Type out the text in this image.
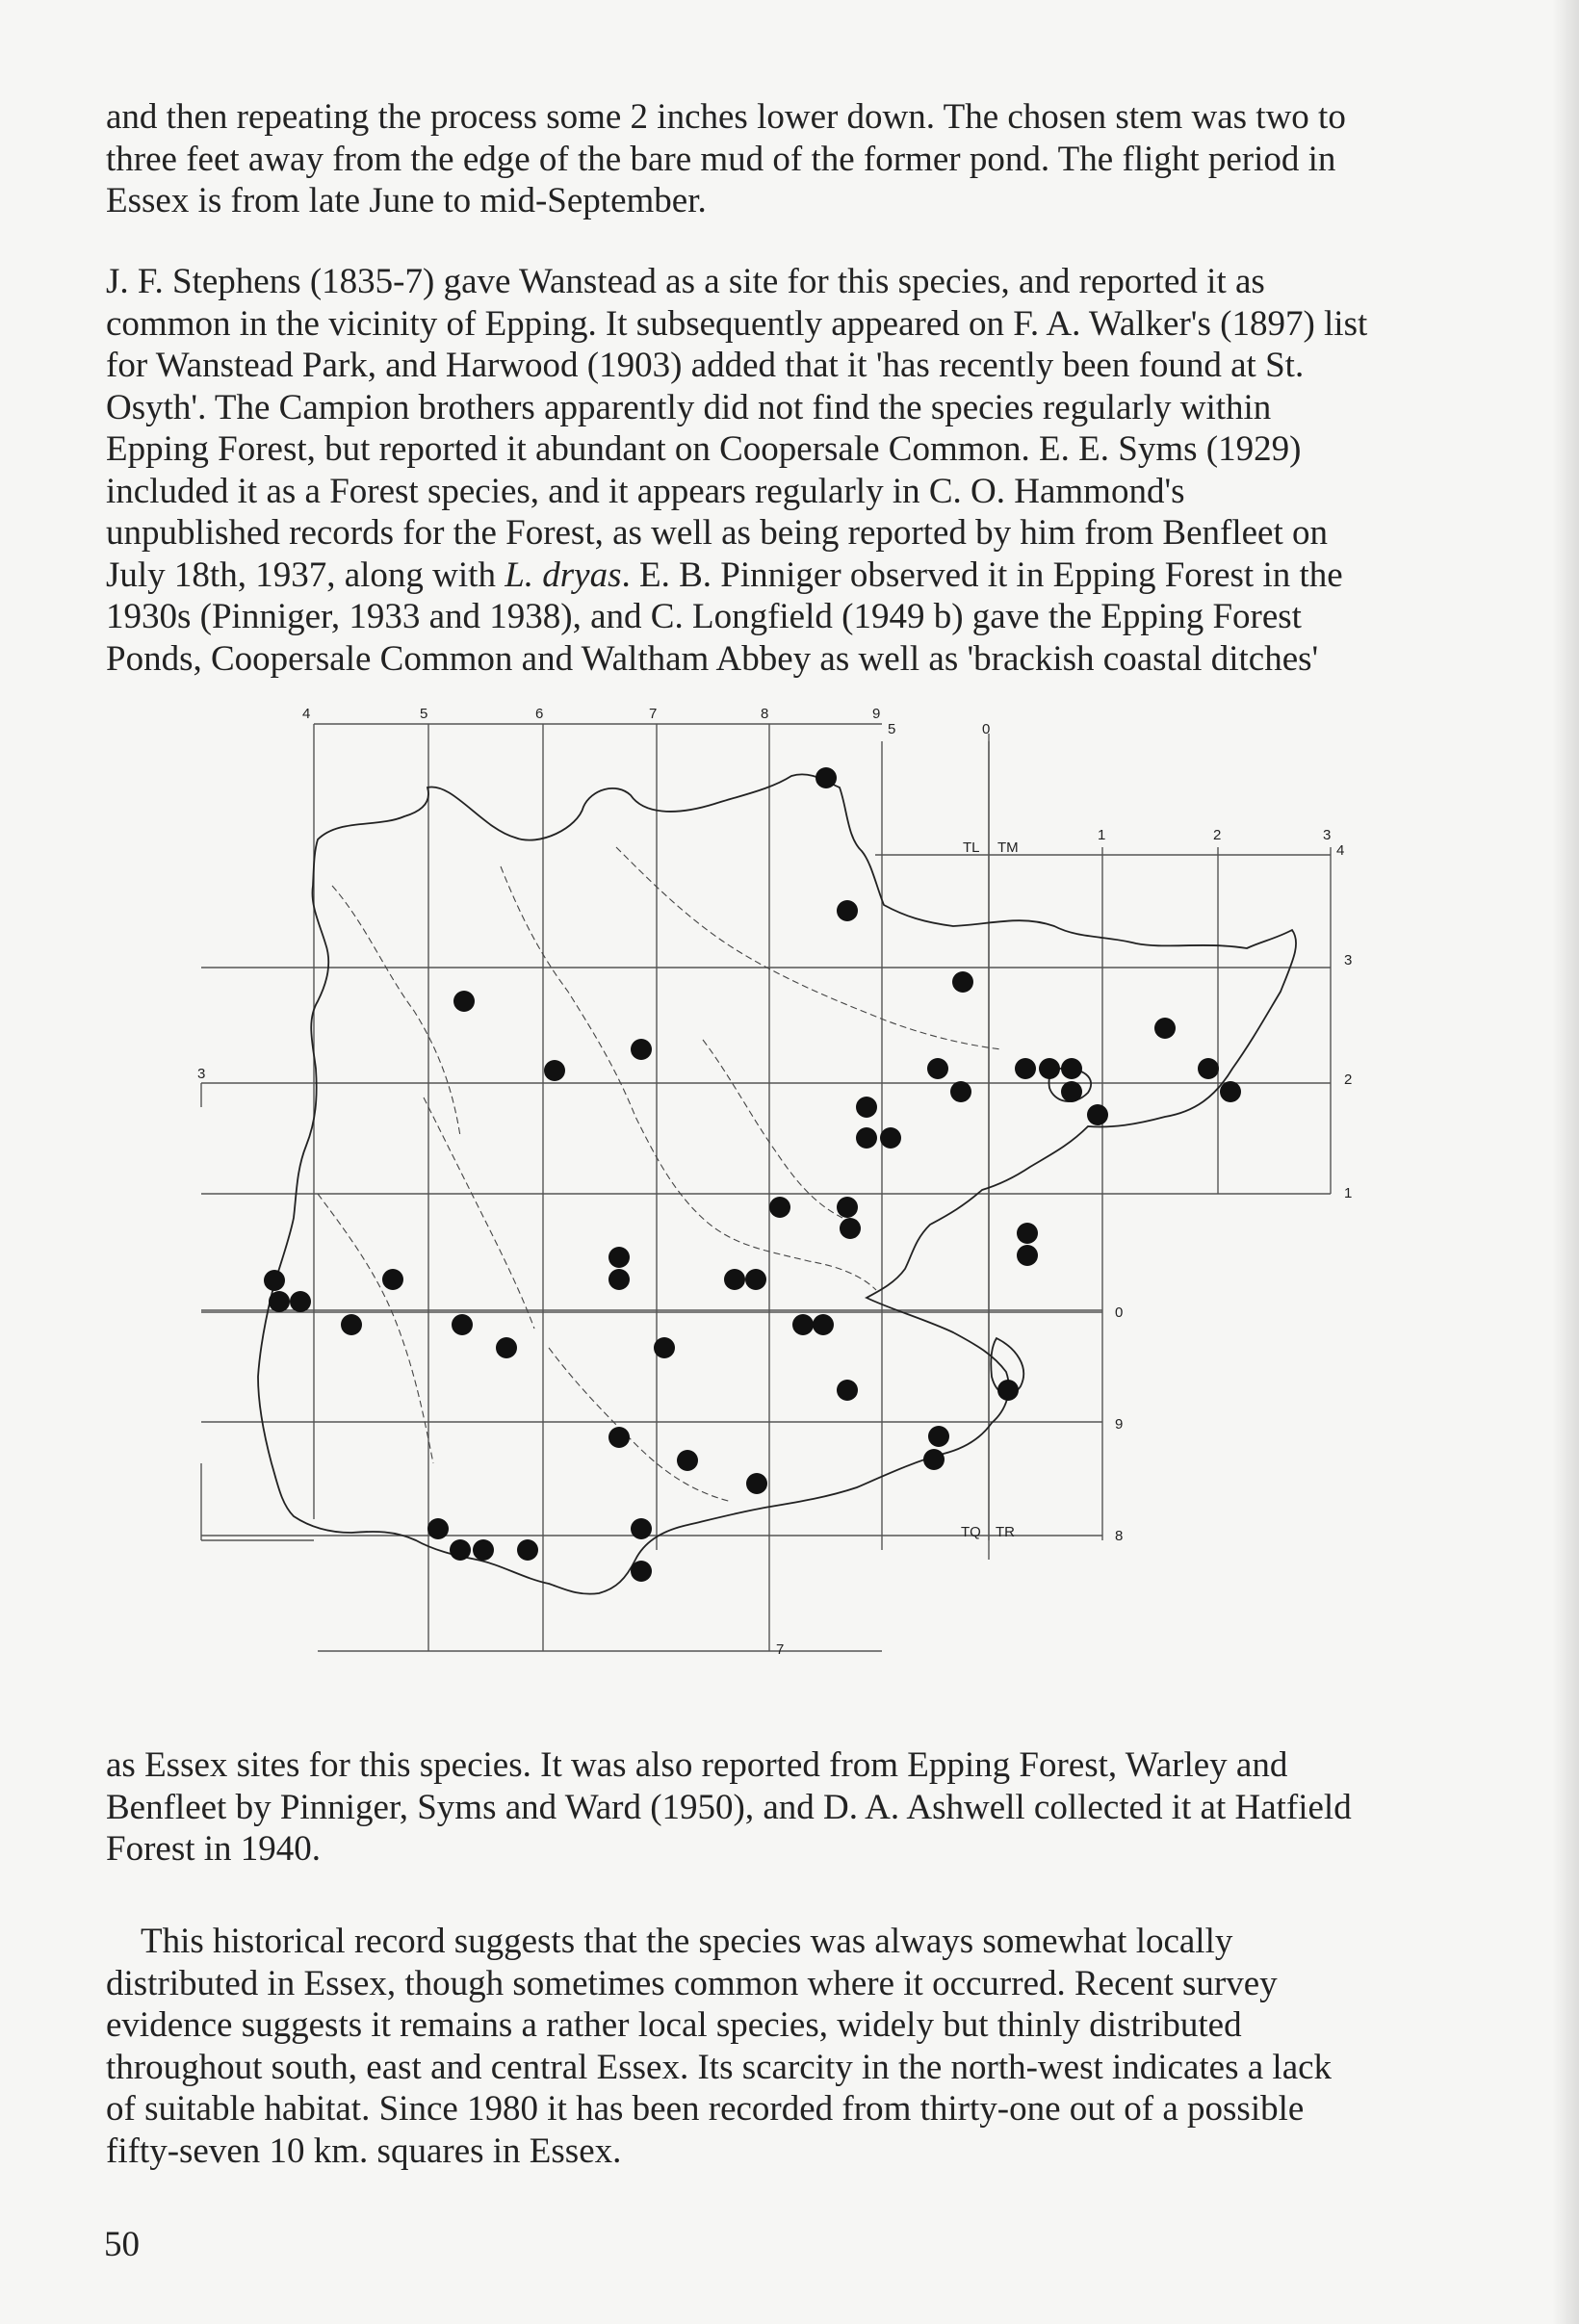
and then repeating the process some 2 inches lower down. The chosen stem was two to
three feet away from the edge of the bare mud of the former pond. The flight period in
Essex is from late June to mid-September.
J. F. Stephens (1835-7) gave Wanstead as a site for this species, and reported it as
common in the vicinity of Epping. It subsequently appeared on F. A. Walker's (1897) list
for Wanstead Park, and Harwood (1903) added that it 'has recently been found at St.
Osyth'. The Campion brothers apparently did not find the species regularly within
Epping Forest, but reported it abundant on Coopersale Common. E. E. Syms (1929)
included it as a Forest species, and it appears regularly in C. O. Hammond's
unpublished records for the Forest, as well as being reported by him from Benfleet on
July 18th, 1937, along with L. dryas. E. B. Pinniger observed it in Epping Forest in the
1930s (Pinniger, 1933 and 1938), and C. Longfield (1949 b) gave the Epping Forest
Ponds, Coopersale Common and Waltham Abbey as well as 'brackish coastal ditches'
4	5	6	7	8	9
5	0
TL TM
TQ TR
1	2	3
4
3
2
1
0
9
8
3
7
as Essex sites for this species. It was also reported from Epping Forest, Warley and
Benfleet by Pinniger, Syms and Ward (1950), and D. A. Ashwell collected it at Hatfield
Forest in 1940.
This historical record suggests that the species was always somewhat locally
distributed in Essex, though sometimes common where it occurred. Recent survey
evidence suggests it remains a rather local species, widely but thinly distributed
throughout south, east and central Essex. Its scarcity in the north-west indicates a lack
of suitable habitat. Since 1980 it has been recorded from thirty-one out of a possible
fifty-seven 10 km. squares in Essex.
50
